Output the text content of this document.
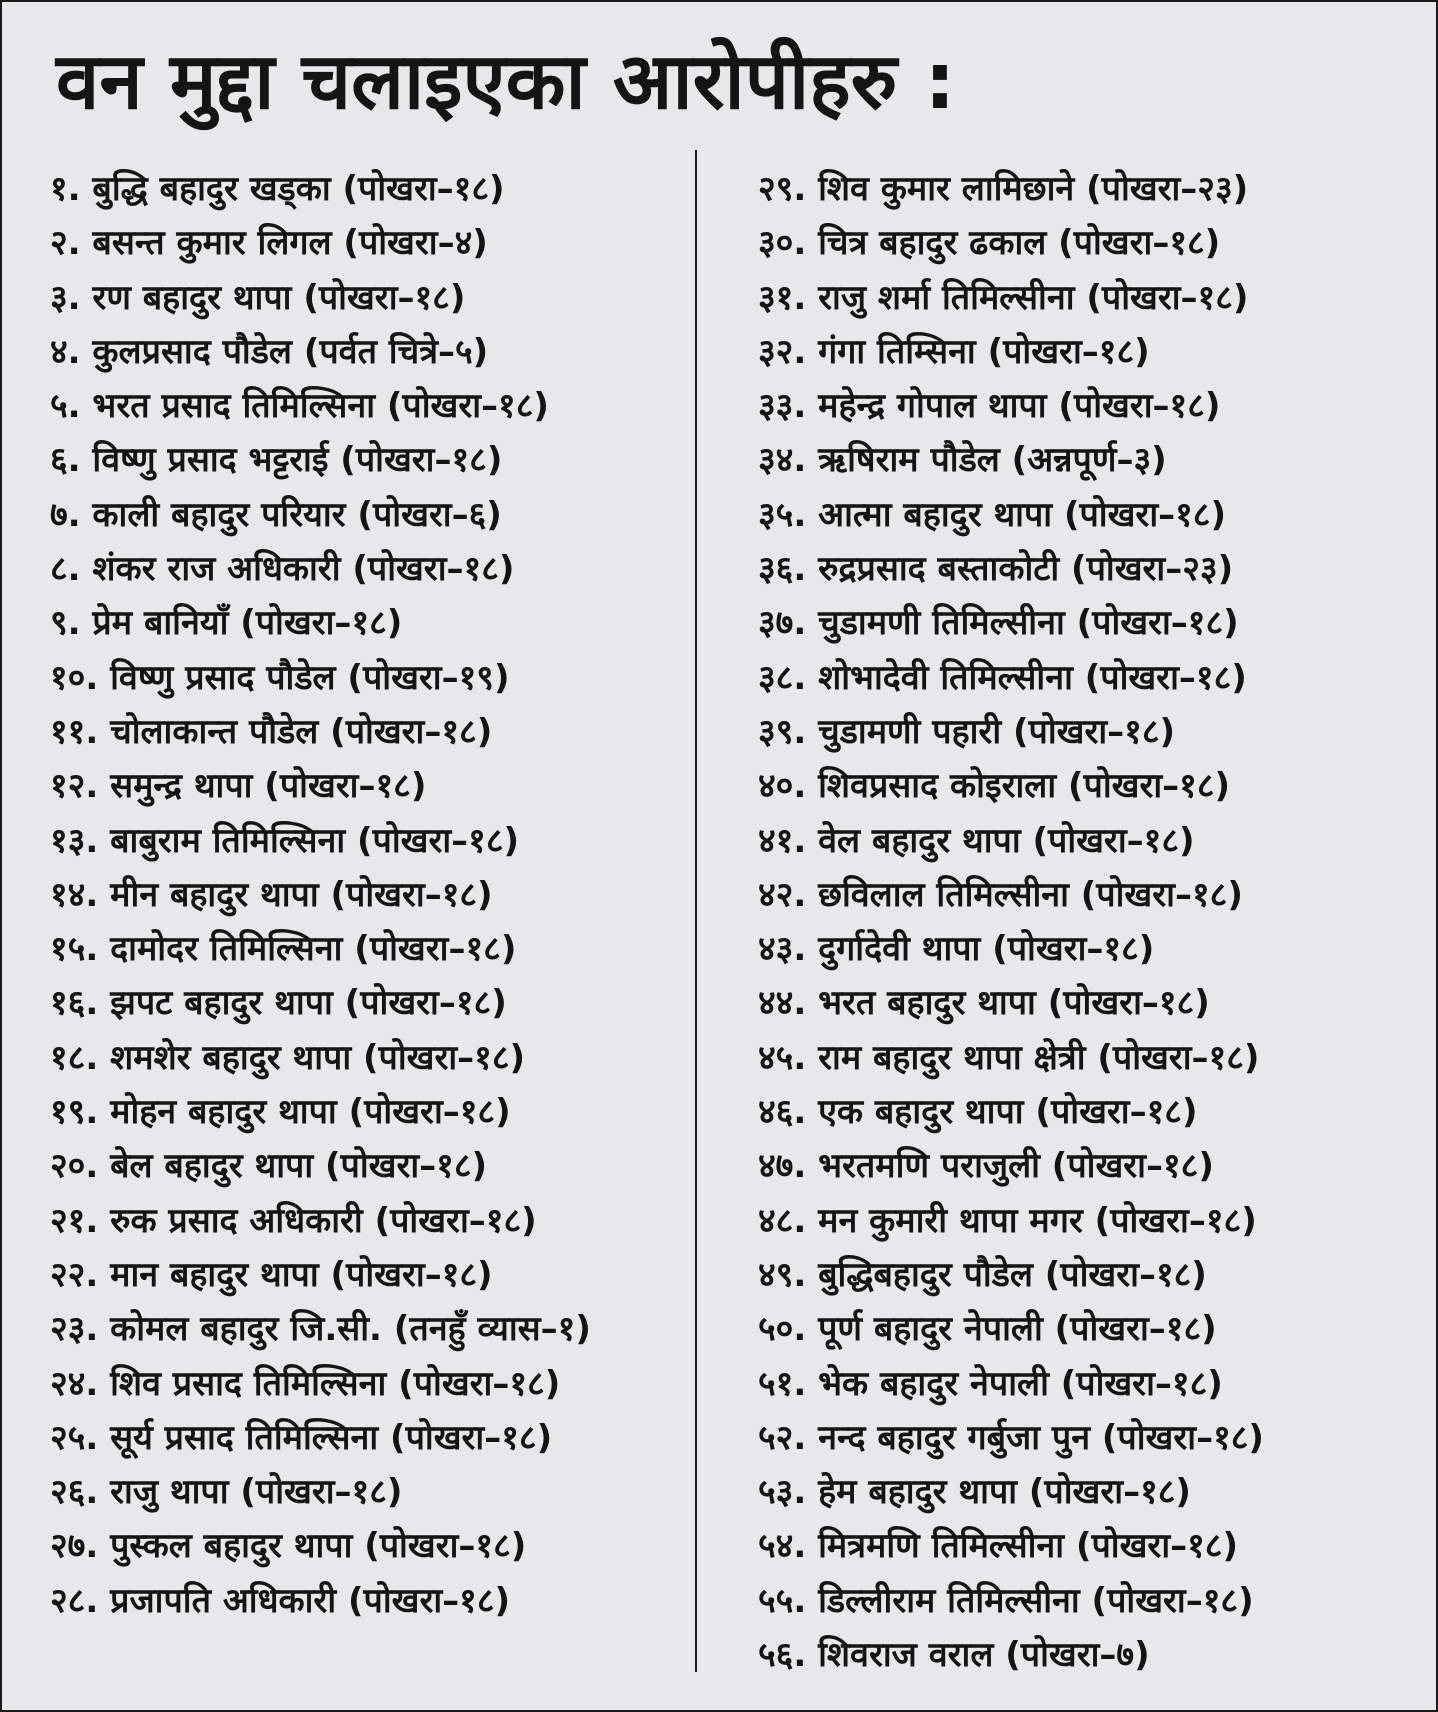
वन मुद्दा चलाइएका आरोपीहरु :
१. बुद्धि बहादुर खड्का (पोखरा–१८)
२. बसन्त कुमार लिगल (पोखरा–४)
३. रण बहादुर थापा (पोखरा–१८)
४. कुलप्रसाद पौडेल (पर्वत चित्रे–५)
५. भरत प्रसाद तिमिल्सिना (पोखरा–१८)
६. विष्णु प्रसाद भट्टराई (पोखरा–१८)
७. काली बहादुर परियार (पोखरा–६)
८. शंकर राज अधिकारी (पोखरा–१८)
९. प्रेम बानियाँ (पोखरा–१८)
१०. विष्णु प्रसाद पौडेल (पोखरा–१९)
११. चोलाकान्त पौडेल (पोखरा–१८)
१२. समुन्द्र थापा (पोखरा–१८)
१३. बाबुराम तिमिल्सिना (पोखरा–१८)
१४. मीन बहादुर थापा (पोखरा–१८)
१५. दामोदर तिमिल्सिना (पोखरा–१८)
१६. झपट बहादुर थापा (पोखरा–१८)
१८. शमशेर बहादुर थापा (पोखरा–१८)
१९. मोहन बहादुर थापा (पोखरा–१८)
२०. बेल बहादुर थापा (पोखरा–१८)
२१. रुक प्रसाद अधिकारी (पोखरा–१८)
२२. मान बहादुर थापा (पोखरा–१८)
२३. कोमल बहादुर जि.सी. (तनहुँ व्यास–१)
२४. शिव प्रसाद तिमिल्सिना (पोखरा–१८)
२५. सूर्य प्रसाद तिमिल्सिना (पोखरा–१८)
२६. राजु थापा (पोखरा–१८)
२७. पुस्कल बहादुर थापा (पोखरा–१८)
२८. प्रजापति अधिकारी (पोखरा–१८)
२९. शिव कुमार लामिछाने (पोखरा–२३)
३०. चित्र बहादुर ढकाल (पोखरा–१८)
३१. राजु शर्मा तिमिल्सीना (पोखरा–१८)
३२. गंगा तिम्सिना (पोखरा–१८)
३३. महेन्द्र गोपाल थापा (पोखरा–१८)
३४. ऋषिराम पौडेल (अन्नपूर्ण–३)
३५. आत्मा बहादुर थापा (पोखरा–१८)
३६. रुद्रप्रसाद बस्ताकोटी (पोखरा–२३)
३७. चुडामणी तिमिल्सीना (पोखरा–१८)
३८. शोभादेवी तिमिल्सीना (पोखरा–१८)
३९. चुडामणी पहारी (पोखरा–१८)
४०. शिवप्रसाद कोइराला (पोखरा–१८)
४१. वेल बहादुर थापा (पोखरा–१८)
४२. छविलाल तिमिल्सीना (पोखरा–१८)
४३. दुर्गादेवी थापा (पोखरा–१८)
४४. भरत बहादुर थापा (पोखरा–१८)
४५. राम बहादुर थापा क्षेत्री (पोखरा–१८)
४६. एक बहादुर थापा (पोखरा–१८)
४७. भरतमणि पराजुली (पोखरा–१८)
४८. मन कुमारी थापा मगर (पोखरा–१८)
४९. बुद्धिबहादुर पौडेल (पोखरा–१८)
५०. पूर्ण बहादुर नेपाली (पोखरा–१८)
५१. भेक बहादुर नेपाली (पोखरा–१८)
५२. नन्द बहादुर गर्बुजा पुन (पोखरा–१८)
५३. हेम बहादुर थापा (पोखरा–१८)
५४. मित्रमणि तिमिल्सीना (पोखरा–१८)
५५. डिल्लीराम तिमिल्सीना (पोखरा–१८)
५६. शिवराज वराल (पोखरा–७)
